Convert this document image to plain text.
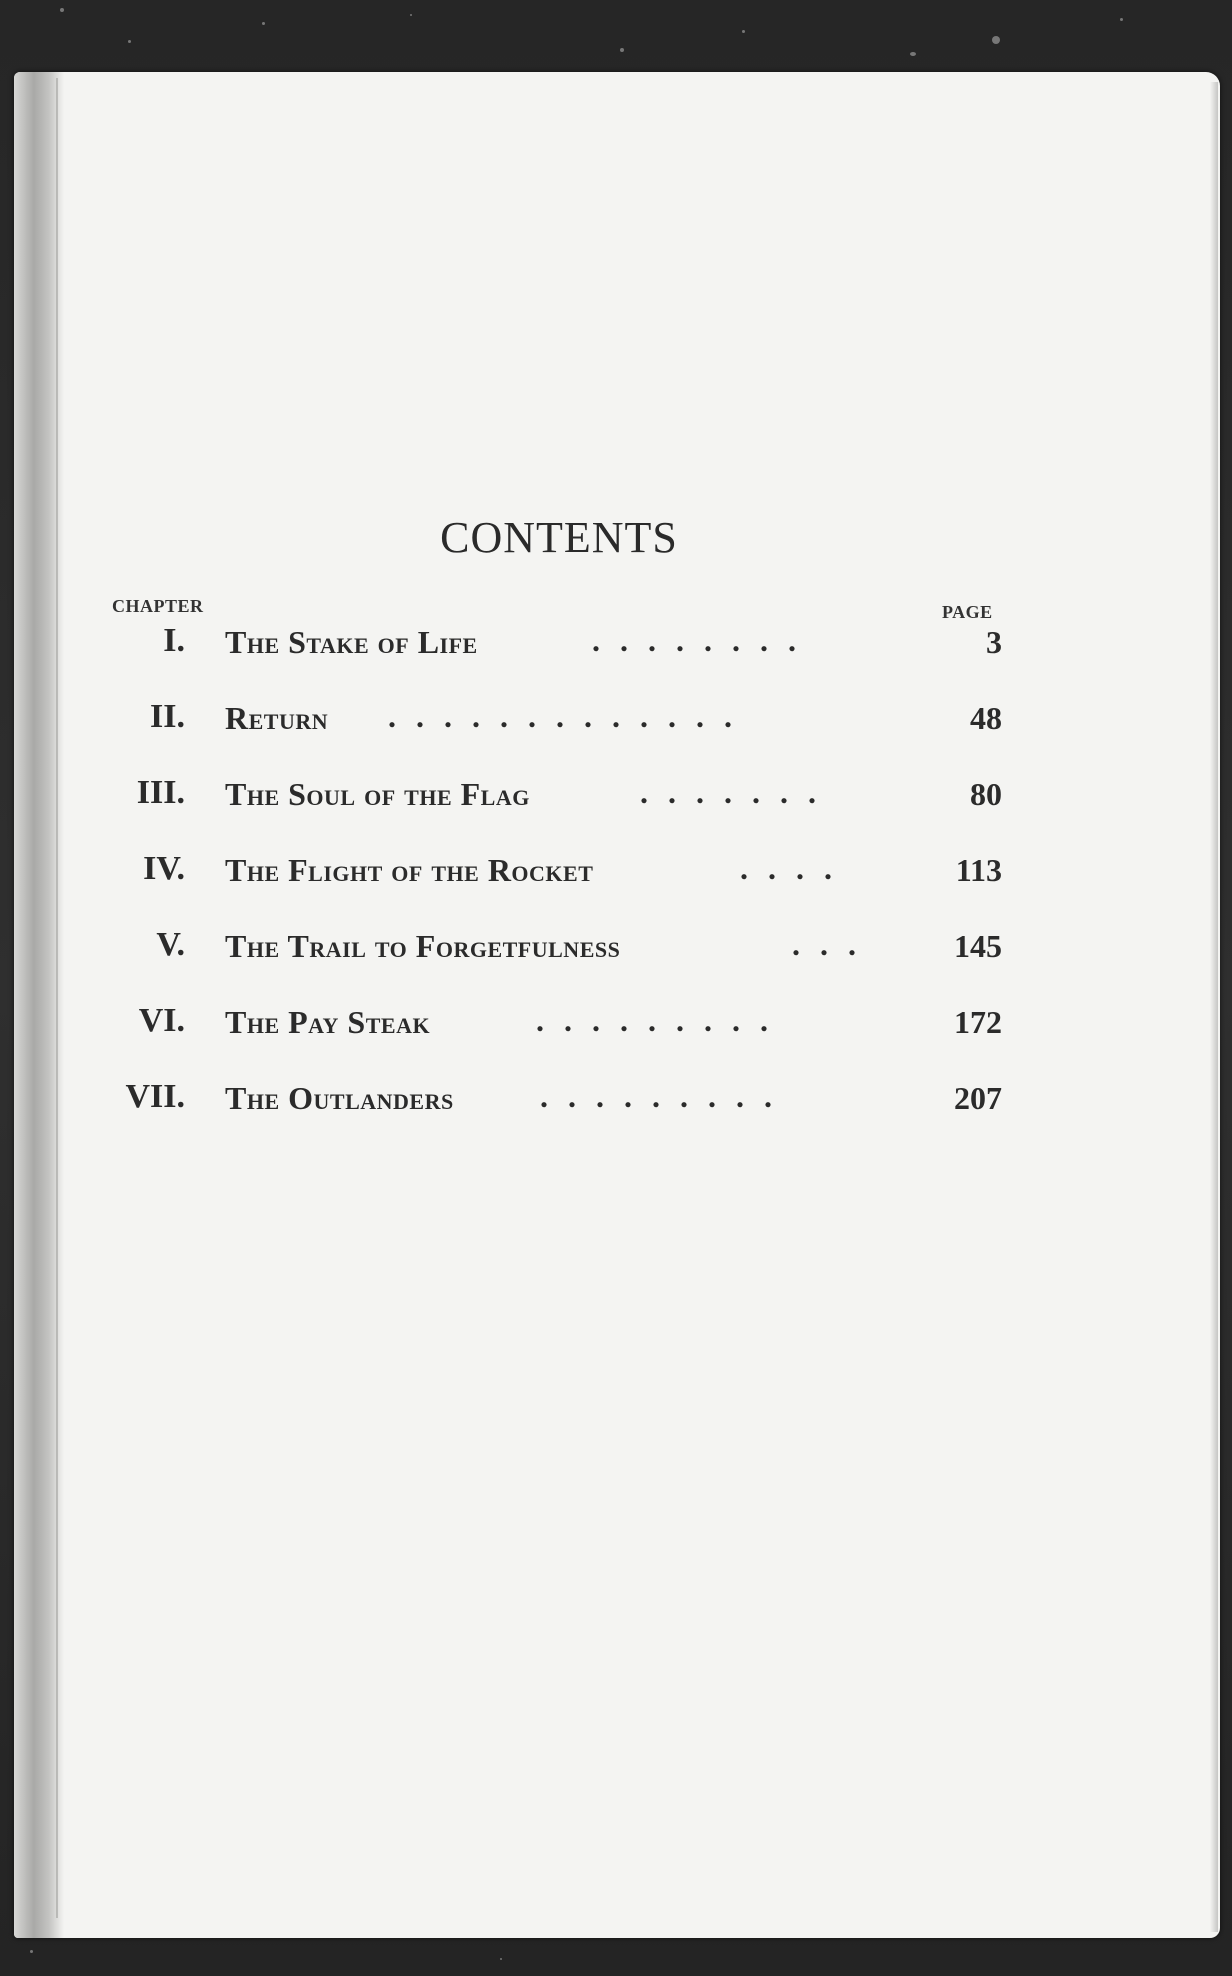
CONTENTS
CHAPTER	PAGE
I. The Stake of Life	........	3
II. Return .............	48
III. The Soul of the Flag	.......	80
IV. The Flight of the Rocket	....	113
V. The Trail to Forgetfulness	... 145
VI. The Pay Steak	.........	172
VII. The Outlanders	.........	207
